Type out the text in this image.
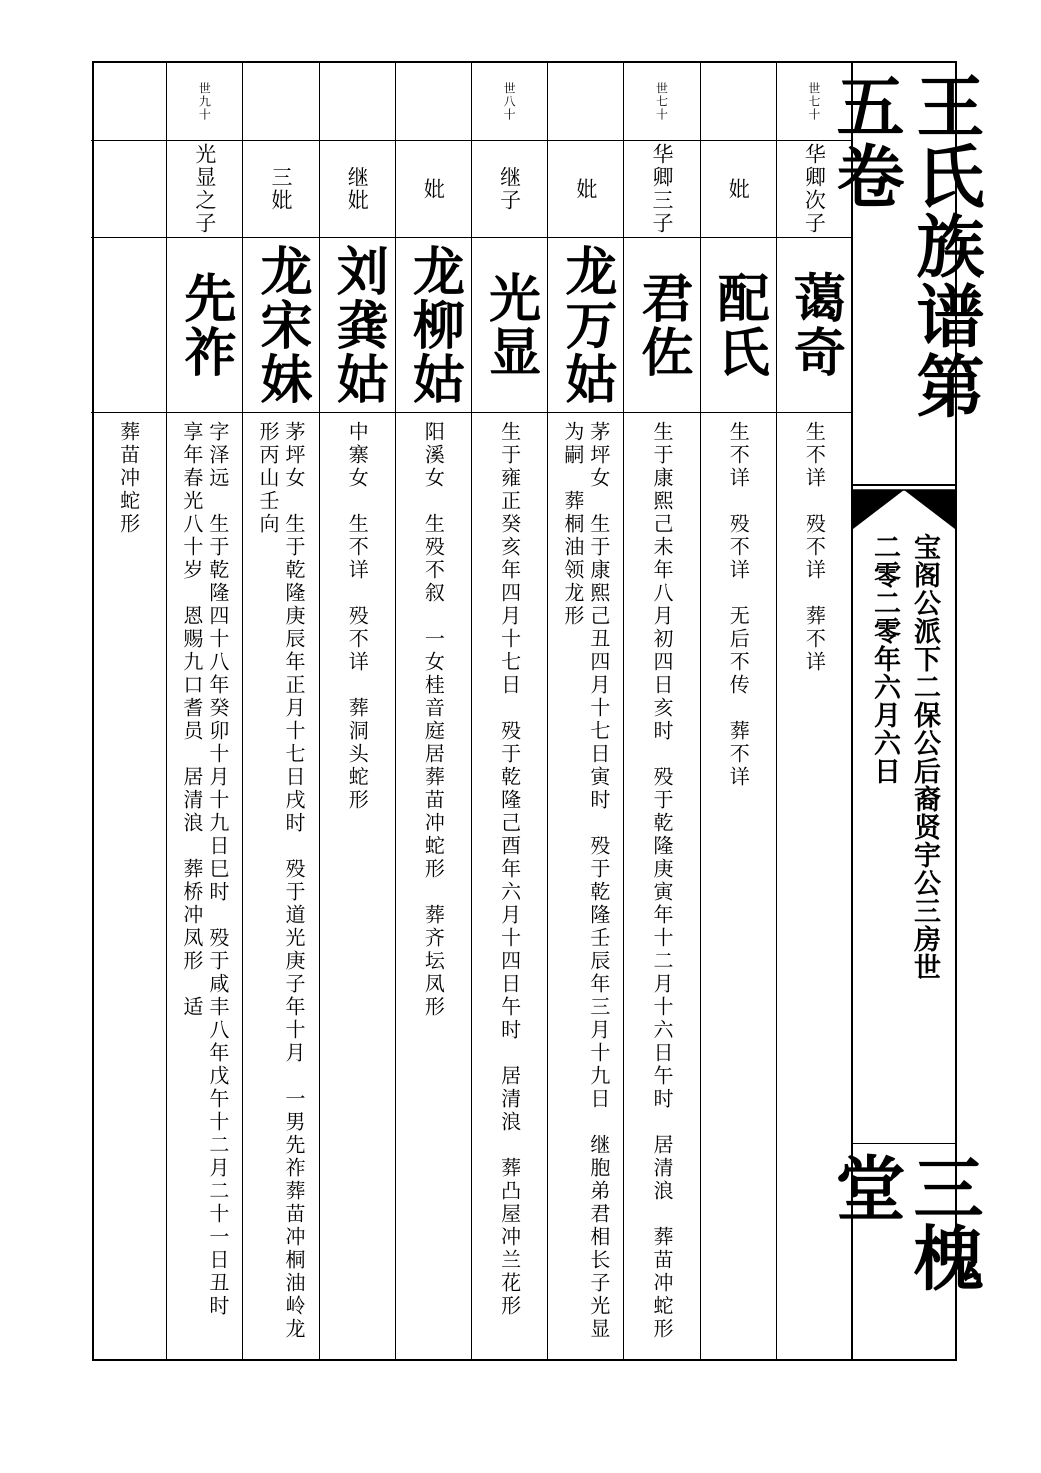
王氏族谱第五卷
宝阁公派下二保公后裔贤宇公三房世
二零二零年六月六日
三槐堂
世七十
华卿次子
蔼奇
生不详　殁不详　葬不详
妣
配氏
生不详　殁不详　无后不传　葬不详
世七十
华卿三子
君佐
生于康熙己未年八月初四日亥时　殁于乾隆庚寅年十二月十六日午时　居清浪　葬苗冲蛇形
妣
龙万姑
茅坪女　生于康熙己丑四月十七日寅时　殁于乾隆壬辰年三月十九日　继胞弟君相长子光显为嗣　葬桐油领龙形
世八十
继子
光显
生于雍正癸亥年四月十七日　殁于乾隆己酉年六月十四日午时　居清浪　葬凸屋冲兰花形
妣
龙柳姑
阳溪女　生殁不叙　一女桂音庭居葬苗冲蛇形　葬齐坛凤形
继妣
刘龚姑
中寨女　生不详　殁不详　葬洞头蛇形
三妣
龙宋妹
茅坪女　生于乾隆庚辰年正月十七日戌时　殁于道光庚子年十月　一男先祚葬苗冲桐油岭龙形丙山壬向
世九十
光显之子
先祚
字泽远　生于乾隆四十八年癸卯十月十九日巳时　殁于咸丰八年戊午十二月二十一日丑时　享年春光八十岁　恩赐九口耆员　居清浪　葬桥冲凤形　适
葬苗冲蛇形
